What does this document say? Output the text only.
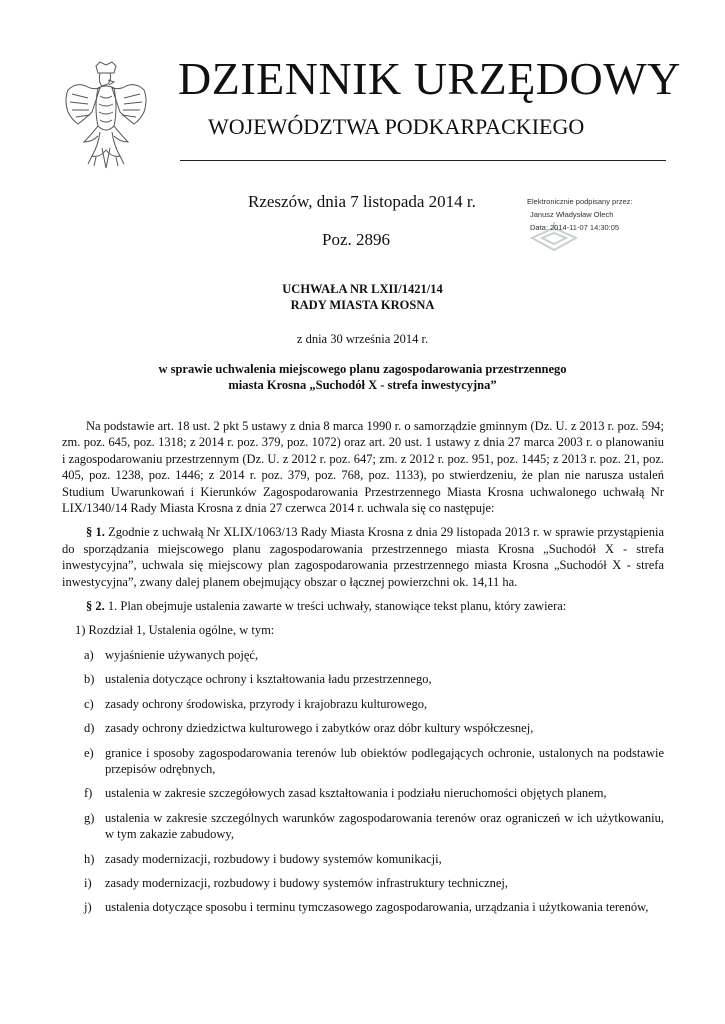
DZIENNIK URZĘDOWY
WOJEWÓDZTWA PODKARPACKIEGO
Rzeszów, dnia 7 listopada 2014 r.
Poz. 2896
Elektronicznie podpisany przez:
Janusz Władysław Olech
Data: 2014-11-07 14:30:05
UCHWAŁA NR LXII/1421/14
RADY MIASTA KROSNA
z dnia 30 września 2014 r.
w sprawie uchwalenia miejscowego planu zagospodarowania przestrzennego
miasta Krosna „Suchodół X - strefa inwestycyjna”

Na podstawie art. 18 ust. 2 pkt 5 ustawy z dnia 8 marca 1990 r. o samorządzie gminnym (Dz. U. z 2013 r. poz. 594; zm. poz. 645, poz. 1318; z 2014 r. poz. 379, poz. 1072) oraz art. 20 ust. 1 ustawy z dnia 27 marca 2003 r. o planowaniu i zagospodarowaniu przestrzennym (Dz. U. z 2012 r. poz. 647; zm. z 2012 r. poz. 951, poz. 1445; z 2013 r. poz. 21, poz. 405, poz. 1238, poz. 1446; z 2014 r. poz. 379, poz. 768, poz. 1133), po stwierdzeniu, że plan nie narusza ustaleń Studium Uwarunkowań i Kierunków Zagospodarowania Przestrzennego Miasta Krosna uchwalonego uchwałą Nr LIX/1340/14 Rady Miasta Krosna z dnia 27 czerwca 2014 r. uchwala się co następuje:

§ 1. Zgodnie z uchwałą Nr XLIX/1063/13 Rady Miasta Krosna z dnia 29 listopada 2013 r. w sprawie przystąpienia do sporządzania miejscowego planu zagospodarowania przestrzennego miasta Krosna „Suchodół X - strefa inwestycyjna”, uchwala się miejscowy plan zagospodarowania przestrzennego miasta Krosna „Suchodół X - strefa inwestycyjna”, zwany dalej planem obejmujący obszar o łącznej powierzchni ok. 14,11 ha.

§ 2. 1. Plan obejmuje ustalenia zawarte w treści uchwały, stanowiące tekst planu, który zawiera:

1) Rozdział 1, Ustalenia ogólne, w tym:
a) wyjaśnienie używanych pojęć,
b) ustalenia dotyczące ochrony i kształtowania ładu przestrzennego,
c) zasady ochrony środowiska, przyrody i krajobrazu kulturowego,
d) zasady ochrony dziedzictwa kulturowego i zabytków oraz dóbr kultury współczesnej,
e) granice i sposoby zagospodarowania terenów lub obiektów podlegających ochronie, ustalonych na podstawie przepisów odrębnych,
f) ustalenia w zakresie szczegółowych zasad kształtowania i podziału nieruchomości objętych planem,
g) ustalenia w zakresie szczególnych warunków zagospodarowania terenów oraz ograniczeń w ich użytkowaniu, w tym zakazie zabudowy,
h) zasady modernizacji, rozbudowy i budowy systemów komunikacji,
i) zasady modernizacji, rozbudowy i budowy systemów infrastruktury technicznej,
j) ustalenia dotyczące sposobu i terminu tymczasowego zagospodarowania, urządzania i użytkowania terenów,
